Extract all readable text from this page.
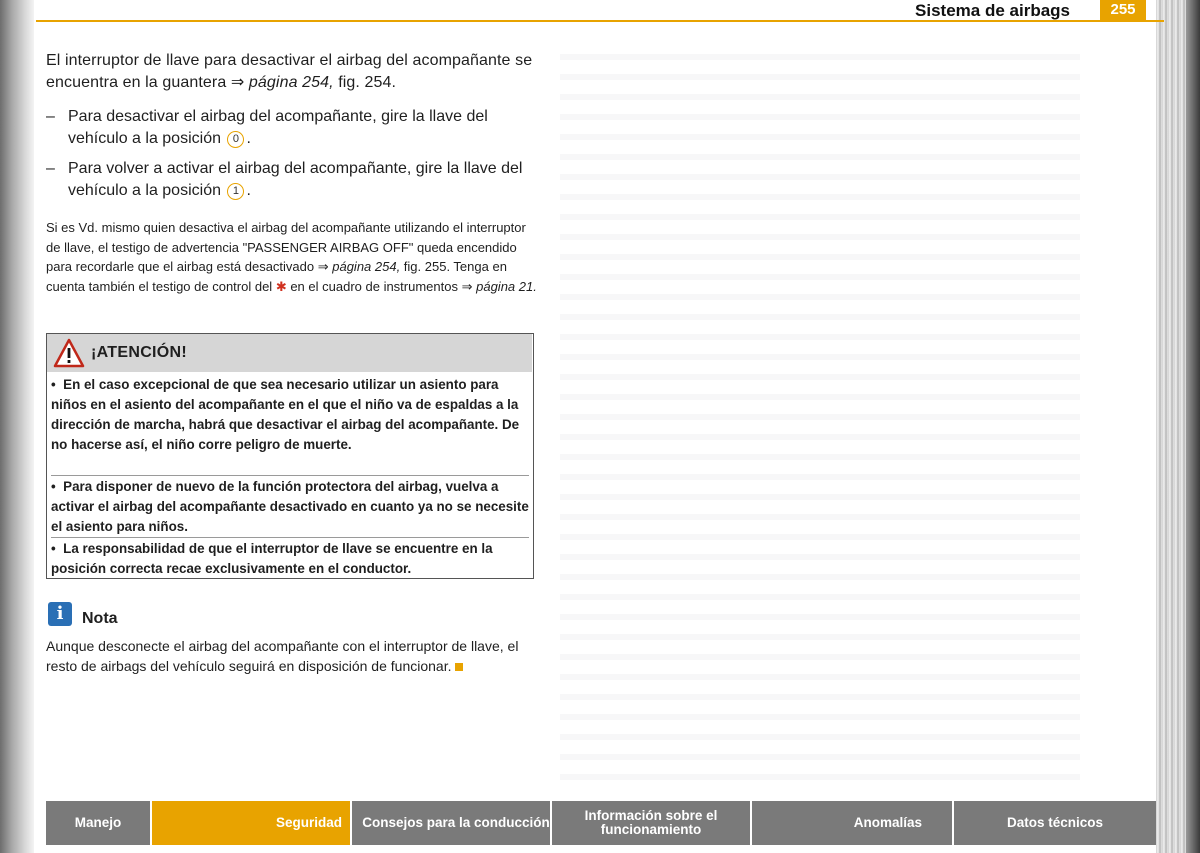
Sistema de airbags	255
El interruptor de llave para desactivar el airbag del acompañante se encuentra en la guantera ⇒ página 254, fig. 254.
– Para desactivar el airbag del acompañante, gire la llave del vehículo a la posición 0 .
– Para volver a activar el airbag del acompañante, gire la llave del vehículo a la posición 1 .
Si es Vd. mismo quien desactiva el airbag del acompañante utilizando el interruptor de llave, el testigo de advertencia "PASSENGER AIRBAG OFF" queda encendido para recordarle que el airbag está desactivado ⇒ página 254, fig. 255. Tenga en cuenta también el testigo de control del ✱ en el cuadro de instrumentos ⇒ página 21.
¡ATENCIÓN!
•  En el caso excepcional de que sea necesario utilizar un asiento para niños en el asiento del acompañante en el que el niño va de espaldas a la dirección de marcha, habrá que desactivar el airbag del acompañante. De no hacerse así, el niño corre peligro de muerte.
•  Para disponer de nuevo de la función protectora del airbag, vuelva a activar el airbag del acompañante desactivado en cuanto ya no se necesite el asiento para niños.
•  La responsabilidad de que el interruptor de llave se encuentre en la posición correcta recae exclusivamente en el conductor.
i	Nota
Aunque desconecte el airbag del acompañante con el interruptor de llave, el resto de airbags del vehículo seguirá en disposición de funcionar.
Manejo	Seguridad	Consejos para la conducción	Información sobre el funcionamiento	Anomalías	Datos técnicos
